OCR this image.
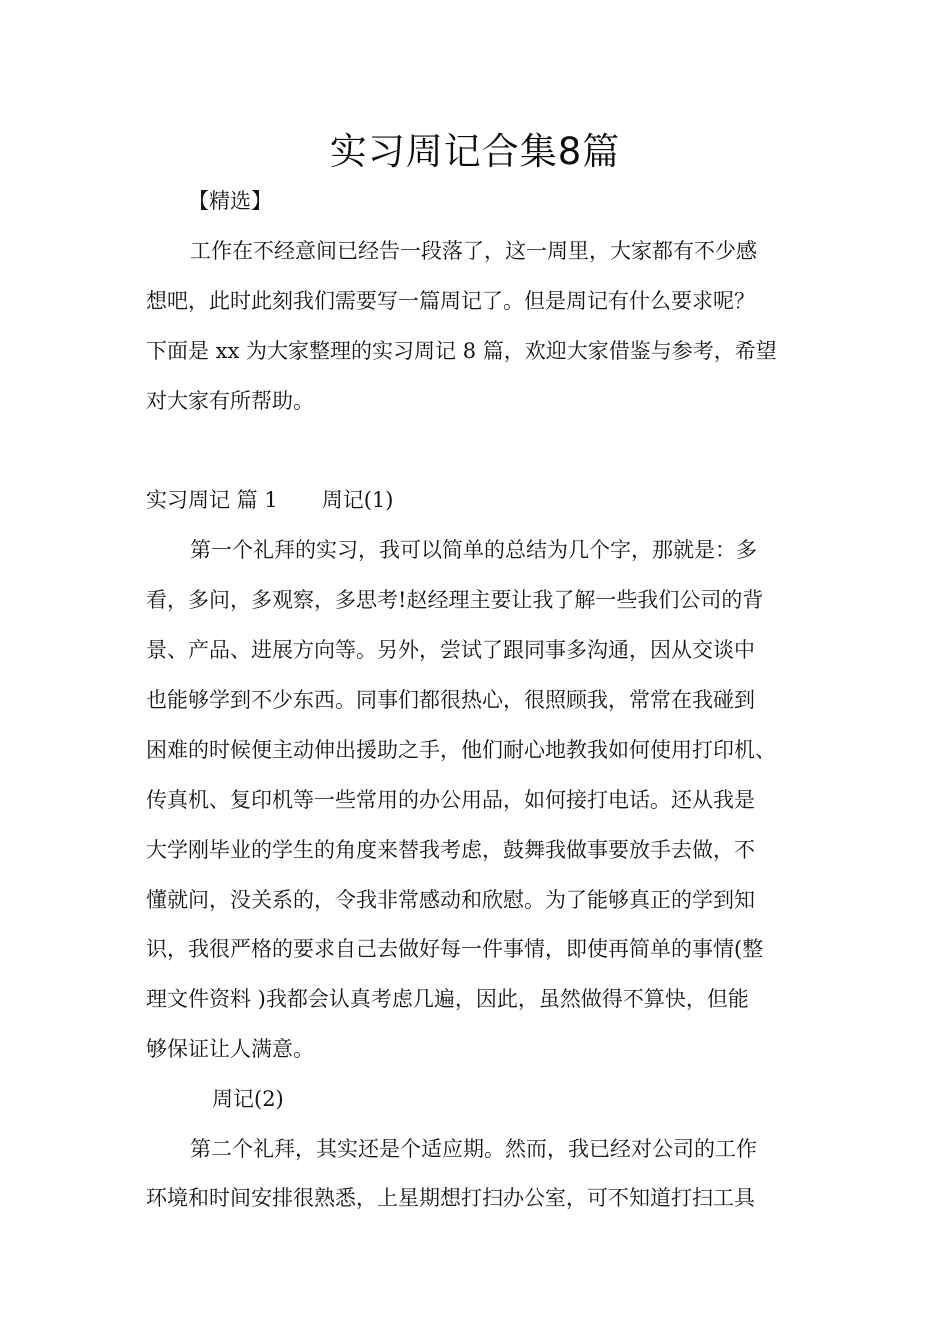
实习周记合集8篇
【精选】
工作在不经意间已经告一段落了，这一周里，大家都有不少感
想吧，此时此刻我们需要写一篇周记了。但是周记有什么要求呢？
下面是 xx 为大家整理的实习周记 8 篇，欢迎大家借鉴与参考，希望
对大家有所帮助。
实习周记 篇 1 周记(1)
第一个礼拜的实习，我可以简单的总结为几个字，那就是：多
看，多问，多观察，多思考!赵经理主要让我了解一些我们公司的背
景、产品、进展方向等。另外，尝试了跟同事多沟通，因从交谈中
也能够学到不少东西。同事们都很热心，很照顾我，常常在我碰到
困难的时候便主动伸出援助之手，他们耐心地教我如何使用打印机、
传真机、复印机等一些常用的办公用品，如何接打电话。还从我是
大学刚毕业的学生的角度来替我考虑，鼓舞我做事要放手去做，不
懂就问，没关系的，令我非常感动和欣慰。为了能够真正的学到知
识，我很严格的要求自己去做好每一件事情，即使再简单的事情(整
理文件资料 )我都会认真考虑几遍，因此，虽然做得不算快，但能
够保证让人满意。
周记(2)
第二个礼拜，其实还是个适应期。然而，我已经对公司的工作
环境和时间安排很熟悉，上星期想打扫办公室，可不知道打扫工具
